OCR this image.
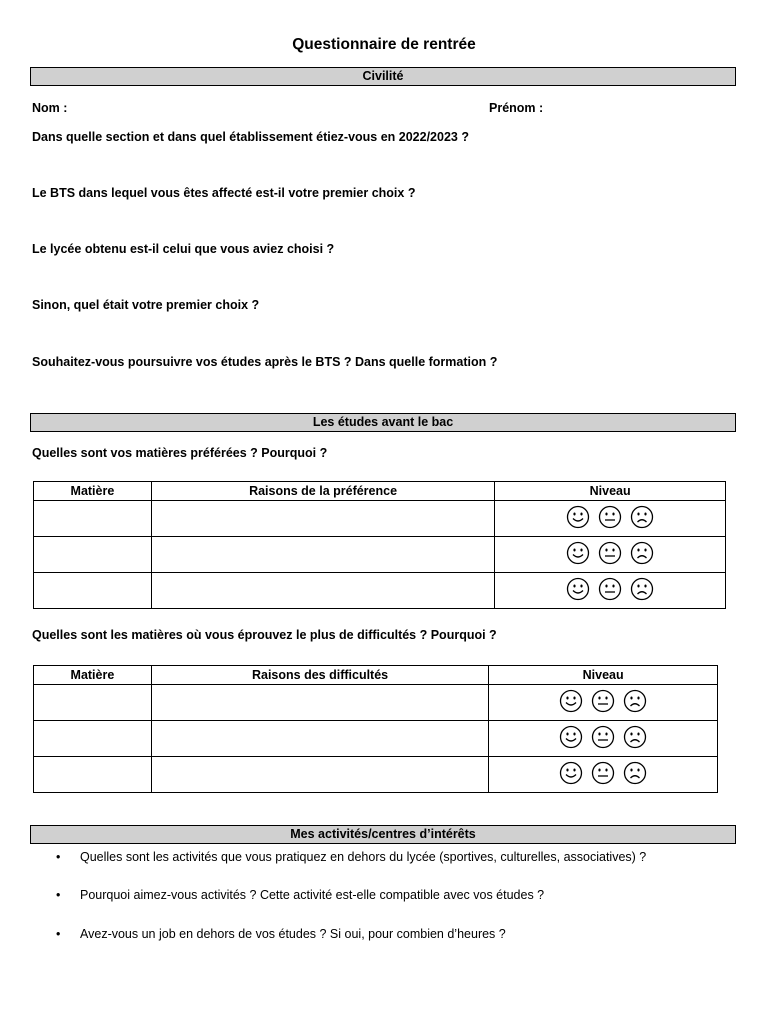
Questionnaire de rentrée
Civilité
Nom :	Prénom :
Dans quelle section et dans quel établissement étiez-vous en 2022/2023 ?
Le BTS dans lequel vous êtes affecté est-il votre premier choix ?
Le lycée obtenu est-il celui que vous aviez choisi ?
Sinon, quel était votre premier choix ?
Souhaitez-vous poursuivre vos études après le BTS ? Dans quelle formation ?
Les études avant le bac
Quelles sont vos matières préférées ? Pourquoi ?
Matière	Raisons de la préférence	Niveau

Quelles sont les matières où vous éprouvez le plus de difficultés ? Pourquoi ?
Matière	Raisons des difficultés	Niveau

Mes activités/centres d’intérêts
• Quelles sont les activités que vous pratiquez en dehors du lycée (sportives, culturelles, associatives) ?
• Pourquoi aimez-vous activités ? Cette activité est-elle compatible avec vos études ?
• Avez-vous un job en dehors de vos études ? Si oui, pour combien d’heures ?
